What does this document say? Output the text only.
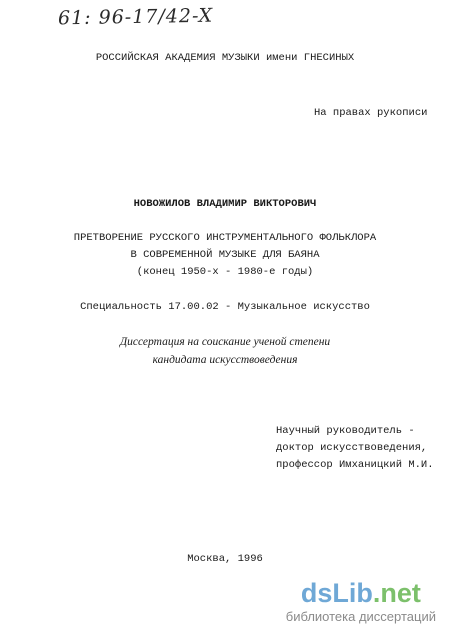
61: 96-17/42-X
РОССИЙСКАЯ АКАДЕМИЯ МУЗЫКИ имени ГНЕСИНЫХ
На правах рукописи
НОВОЖИЛОВ ВЛАДИМИР ВИКТОРОВИЧ
ПРЕТВОРЕНИЕ РУССКОГО ИНСТРУМЕНТАЛЬНОГО ФОЛЬКЛОРА
В СОВРЕМЕННОЙ МУЗЫКЕ ДЛЯ БАЯНА
(конец 1950-х - 1980-е годы)
Специальность 17.00.02 - Музыкальное искусство
Диссертация на соискание ученой степени
кандидата искусствоведения
Научный руководитель -
доктор искусствоведения,
профессор Имханицкий М.И.
Москва, 1996
dsLib.net
библиотека диссертаций
